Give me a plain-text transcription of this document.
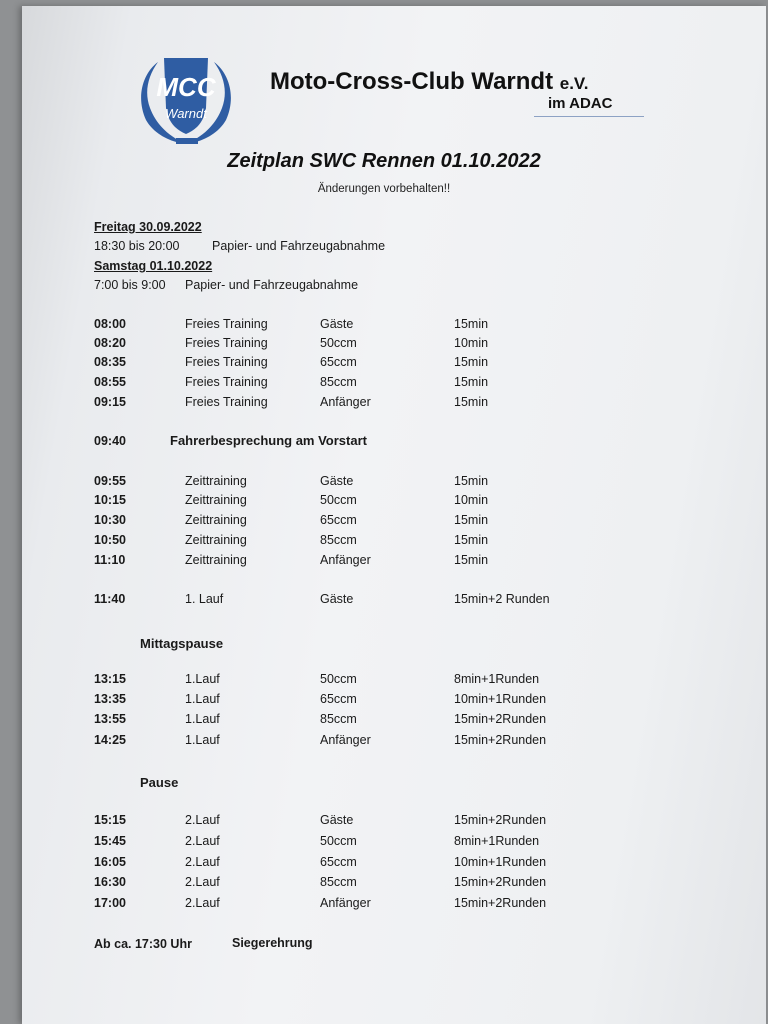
MCC
Warndt
Moto-Cross-Club Warndt e.V.
im ADAC
Zeitplan SWC Rennen 01.10.2022
Änderungen vorbehalten!!
Freitag 30.09.2022
18:30 bis 20:00	Papier- und Fahrzeugabnahme
Samstag 01.10.2022
7:00 bis 9:00 Papier- und Fahrzeugabnahme
08:00	Freies Training	Gäste	15min
08:20	Freies Training	50ccm	10min
08:35	Freies Training	65ccm	15min
08:55	Freies Training	85ccm	15min
09:15	Freies Training	Anfänger	15min
09:40	Fahrerbesprechung am Vorstart
09:55	Zeittraining	Gäste	15min
10:15	Zeittraining	50ccm	10min
10:30	Zeittraining	65ccm	15min
10:50	Zeittraining	85ccm	15min
11:10	Zeittraining	Anfänger	15min
11:40	1. Lauf	Gäste	15min+2 Runden
Mittagspause
13:15	1.Lauf	50ccm	8min+1Runden
13:35	1.Lauf	65ccm	10min+1Runden
13:55	1.Lauf	85ccm	15min+2Runden
14:25	1.Lauf	Anfänger	15min+2Runden
Pause
15:15	2.Lauf	Gäste	15min+2Runden
15:45	2.Lauf	50ccm	8min+1Runden
16:05	2.Lauf	65ccm	10min+1Runden
16:30	2.Lauf	85ccm	15min+2Runden
17:00	2.Lauf	Anfänger	15min+2Runden
Ab ca. 17:30 Uhr	Siegerehrung
